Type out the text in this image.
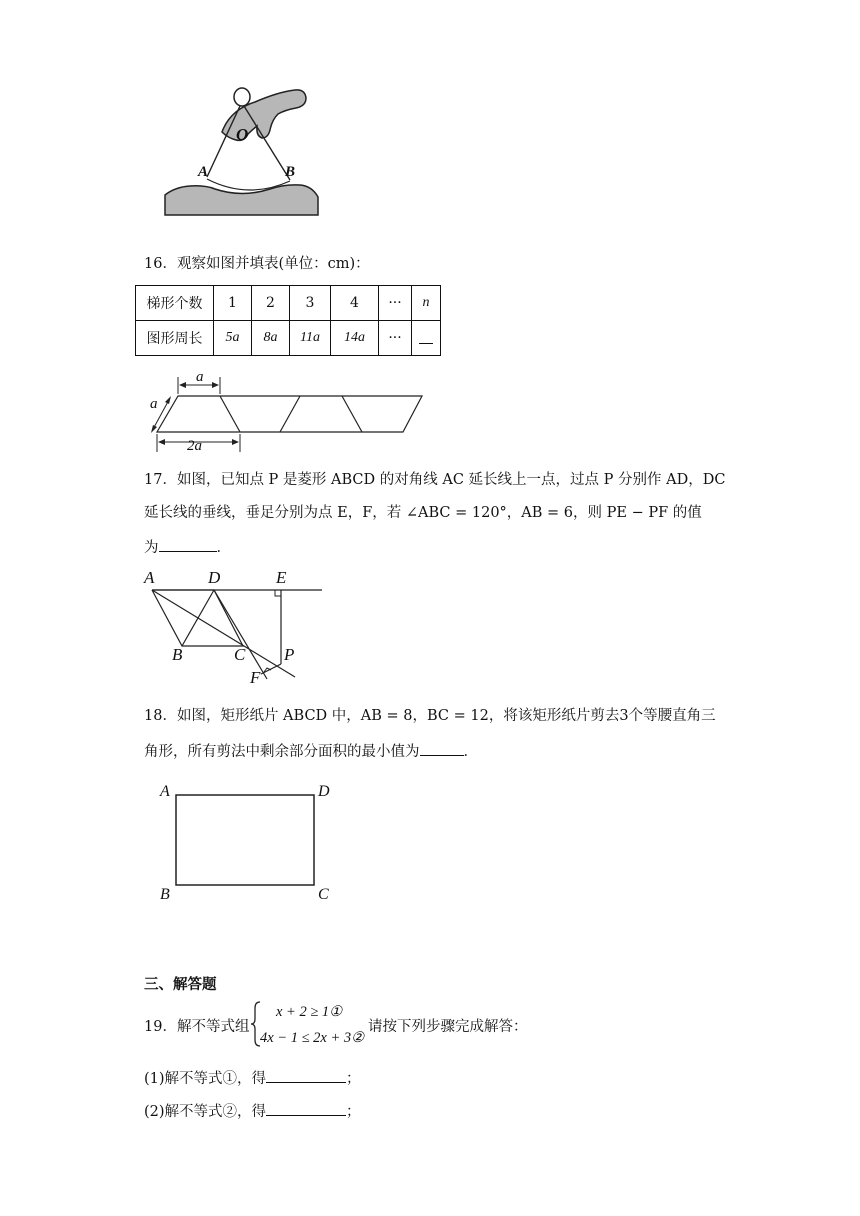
O
A	B
16．观察如图并填表(单位：cm)：
梯形个数	1	2	3	4	···	n
图形周长	5a	8a	11a	14a	···	
a
a
2a
17．如图，已知点 P 是菱形 ABCD 的对角线 AC 延长线上一点，过点 P 分别作 AD，DC
延长线的垂线，垂足分别为点 E，F，若 ∠ABC = 120°，AB = 6，则 PE − PF 的值
为	．
A	D	E
B	C P
F
18．如图，矩形纸片 ABCD 中，AB = 8，BC = 12，将该矩形纸片剪去3个等腰直角三
角形，所有剪法中剩余部分面积的最小值为	．
A	D
B	C
三、解答题
19．解不等式组
x + 2 ≥ 1①
4x − 1 ≤ 2x + 3②
请按下列步骤完成解答：
(1)解不等式①，得	；
(2)解不等式②，得	；
